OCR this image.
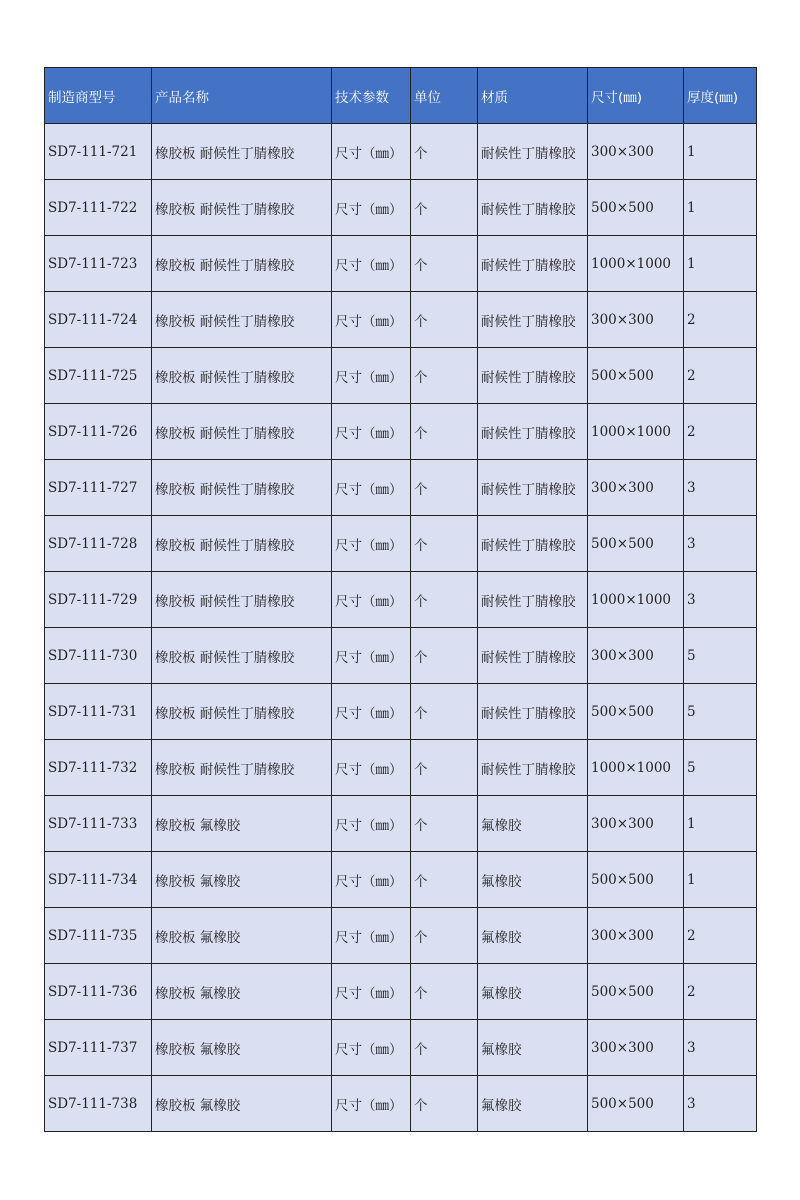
制造商型号	产品名称	技术参数	单位	材质	尺寸(㎜)	厚度(㎜)
SD7-111-721	橡胶板 耐候性丁腈橡胶	尺寸（㎜）	个	耐候性丁腈橡胶	300×300	1
SD7-111-722	橡胶板 耐候性丁腈橡胶	尺寸（㎜）	个	耐候性丁腈橡胶	500×500	1
SD7-111-723	橡胶板 耐候性丁腈橡胶	尺寸（㎜）	个	耐候性丁腈橡胶	1000×1000	1
SD7-111-724	橡胶板 耐候性丁腈橡胶	尺寸（㎜）	个	耐候性丁腈橡胶	300×300	2
SD7-111-725	橡胶板 耐候性丁腈橡胶	尺寸（㎜）	个	耐候性丁腈橡胶	500×500	2
SD7-111-726	橡胶板 耐候性丁腈橡胶	尺寸（㎜）	个	耐候性丁腈橡胶	1000×1000	2
SD7-111-727	橡胶板 耐候性丁腈橡胶	尺寸（㎜）	个	耐候性丁腈橡胶	300×300	3
SD7-111-728	橡胶板 耐候性丁腈橡胶	尺寸（㎜）	个	耐候性丁腈橡胶	500×500	3
SD7-111-729	橡胶板 耐候性丁腈橡胶	尺寸（㎜）	个	耐候性丁腈橡胶	1000×1000	3
SD7-111-730	橡胶板 耐候性丁腈橡胶	尺寸（㎜）	个	耐候性丁腈橡胶	300×300	5
SD7-111-731	橡胶板 耐候性丁腈橡胶	尺寸（㎜）	个	耐候性丁腈橡胶	500×500	5
SD7-111-732	橡胶板 耐候性丁腈橡胶	尺寸（㎜）	个	耐候性丁腈橡胶	1000×1000	5
SD7-111-733	橡胶板 氟橡胶	尺寸（㎜）	个	氟橡胶	300×300	1
SD7-111-734	橡胶板 氟橡胶	尺寸（㎜）	个	氟橡胶	500×500	1
SD7-111-735	橡胶板 氟橡胶	尺寸（㎜）	个	氟橡胶	300×300	2
SD7-111-736	橡胶板 氟橡胶	尺寸（㎜）	个	氟橡胶	500×500	2
SD7-111-737	橡胶板 氟橡胶	尺寸（㎜）	个	氟橡胶	300×300	3
SD7-111-738	橡胶板 氟橡胶	尺寸（㎜）	个	氟橡胶	500×500	3
